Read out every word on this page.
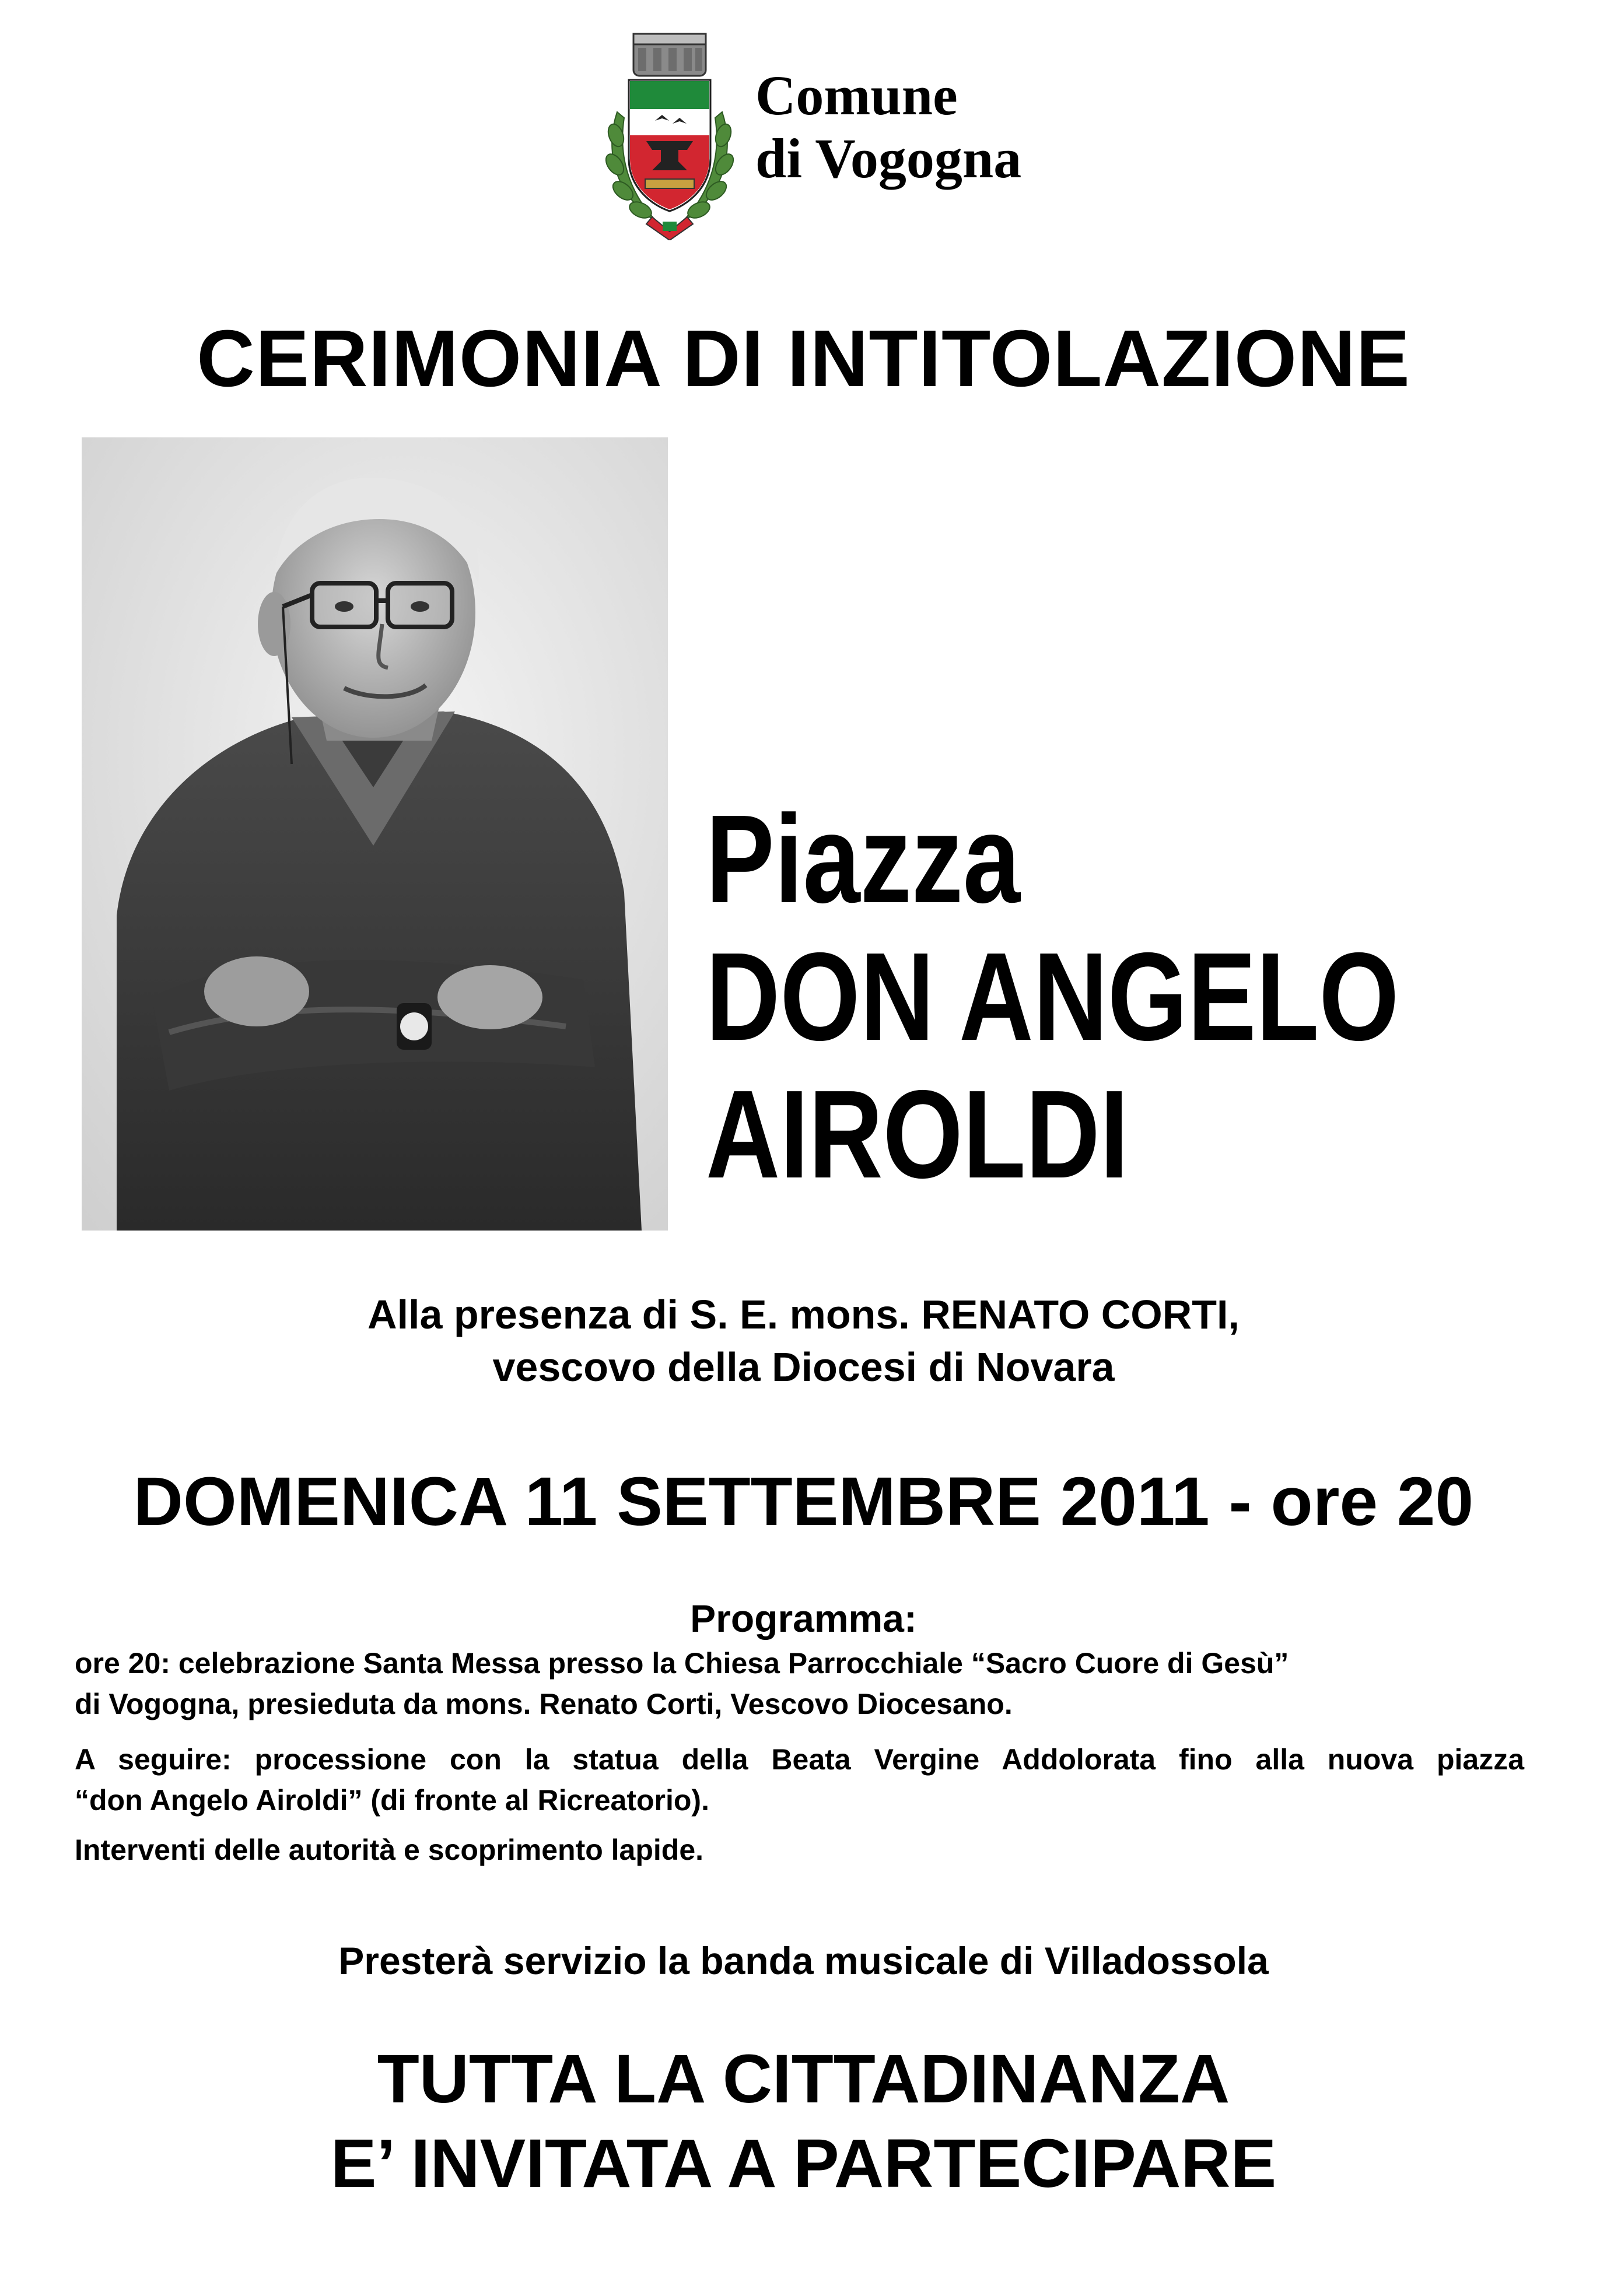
Comune
di Vogogna
CERIMONIA DI INTITOLAZIONE
Piazza
DON ANGELO
AIROLDI
Alla presenza di S. E. mons. RENATO CORTI,
vescovo della Diocesi di Novara
DOMENICA 11 SETTEMBRE 2011 - ore 20
Programma:
ore 20: celebrazione Santa Messa presso la Chiesa Parrocchiale “Sacro Cuore di Gesù”
di Vogogna, presieduta da mons. Renato Corti, Vescovo Diocesano.
A seguire: processione con la statua della Beata Vergine Addolorata fino alla nuova piazza
“don Angelo Airoldi” (di fronte al Ricreatorio).
Interventi delle autorità e scoprimento lapide.
Presterà servizio la banda musicale di Villadossola
TUTTA LA CITTADINANZA
E’ INVITATA A PARTECIPARE
